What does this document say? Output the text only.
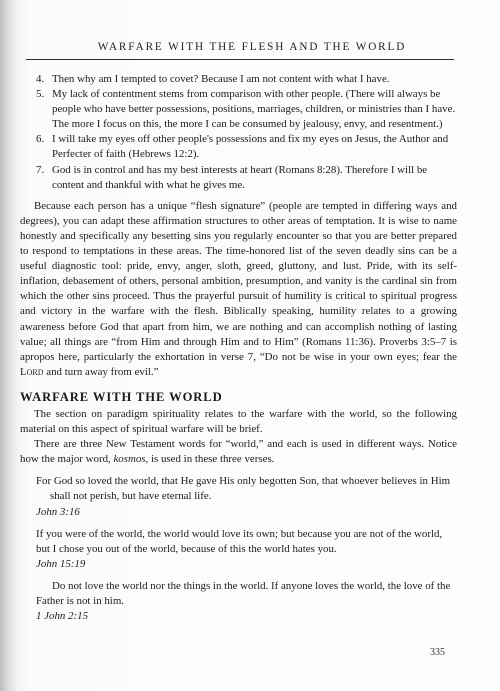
WARFARE WITH THE FLESH AND THE WORLD
4. Then why am I tempted to covet? Because I am not content with what I have.
5. My lack of contentment stems from comparison with other people. (There will always be people who have better possessions, positions, marriages, children, or ministries than I have. The more I focus on this, the more I can be consumed by jealousy, envy, and resentment.)
6. I will take my eyes off other people's possessions and fix my eyes on Jesus, the Author and Perfecter of faith (Hebrews 12:2).
7. God is in control and has my best interests at heart (Romans 8:28). Therefore I will be content and thankful with what he gives me.

Because each person has a unique “flesh signature” (people are tempted in differing ways and degrees), you can adapt these affirmation structures to other areas of temptation. It is wise to name honestly and specifically any besetting sins you regularly encounter so that you are better prepared to respond to temptations in these areas. The time-honored list of the seven deadly sins can be a useful diagnostic tool: pride, envy, anger, sloth, greed, gluttony, and lust. Pride, with its self-inflation, debasement of others, personal ambition, presumption, and vanity is the cardinal sin from which the other sins proceed. Thus the prayerful pursuit of humility is critical to spiritual progress and victory in the warfare with the flesh. Biblically speaking, humility relates to a growing awareness before God that apart from him, we are nothing and can accomplish nothing of lasting value; all things are “from Him and through Him and to Him” (Romans 11:36). Proverbs 3:5–7 is apropos here, particularly the exhortation in verse 7, “Do not be wise in your own eyes; fear the Lord and turn away from evil.”

WARFARE WITH THE WORLD

The section on paradigm spirituality relates to the warfare with the world, so the following material on this aspect of spiritual warfare will be brief.

There are three New Testament words for “world,” and each is used in different ways. Notice how the major word, kosmos, is used in these three verses.

For God so loved the world, that He gave His only begotten Son, that whoever believes in Him shall not perish, but have eternal life.

John 3:16

If you were of the world, the world would love its own; but because you are not of the world, but I chose you out of the world, because of this the world hates you.

John 15:19

Do not love the world nor the things in the world. If anyone loves the world, the love of the Father is not in him.

1 John 2:15

335
